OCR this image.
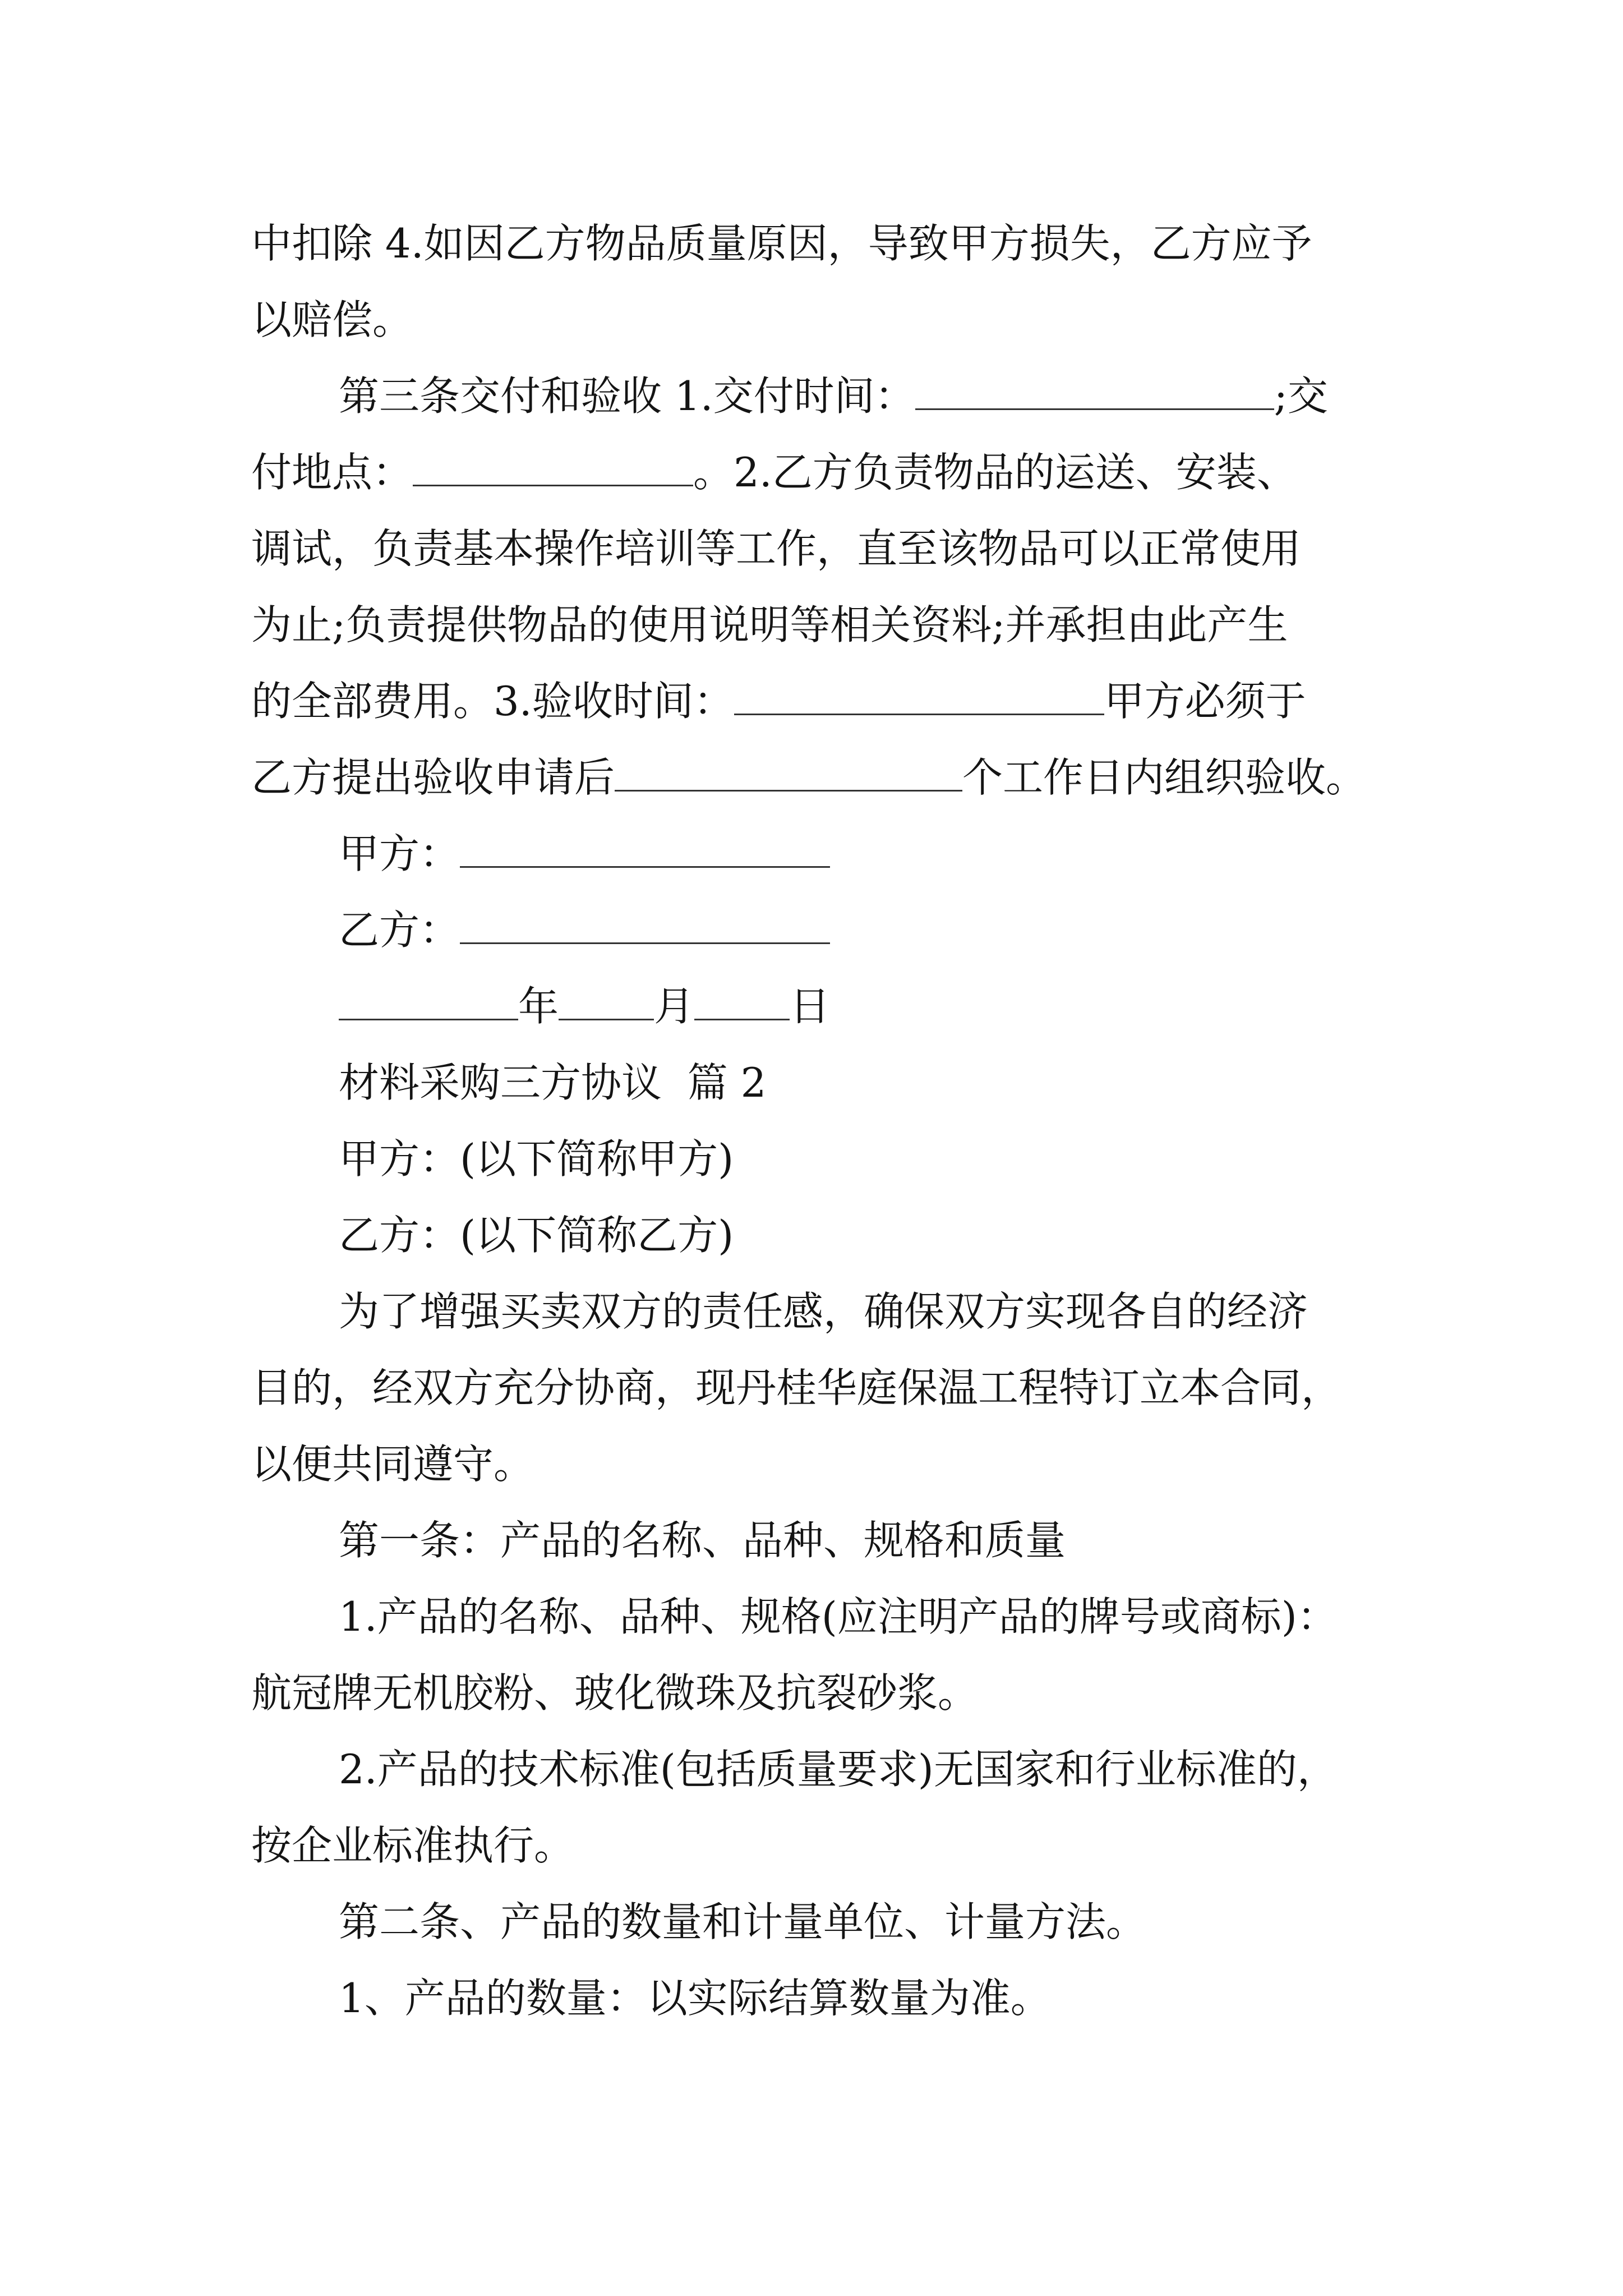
中扣除 4.如因乙方物品质量原因，导致甲方损失，乙方应予
以赔偿。
第三条交付和验收 1.交付时间：	;交
付地点：	。2.乙方负责物品的运送、安装、
调试，负责基本操作培训等工作，直至该物品可以正常使用
为止;负责提供物品的使用说明等相关资料;并承担由此产生
的全部费用。3.验收时间：	甲方必须于
乙方提出验收申请后	个工作日内组织验收。
甲方：
乙方：
年 月 日
材料采购三方协议  篇 2
甲方：(以下简称甲方)
乙方：(以下简称乙方)
为了增强买卖双方的责任感，确保双方实现各自的经济
目的，经双方充分协商，现丹桂华庭保温工程特订立本合同，
以便共同遵守。
第一条：产品的名称、品种、规格和质量
1.产品的名称、品种、规格(应注明产品的牌号或商标)：
航冠牌无机胶粉、玻化微珠及抗裂砂浆。
2.产品的技术标准(包括质量要求)无国家和行业标准的，
按企业标准执行。
第二条、产品的数量和计量单位、计量方法。
1、产品的数量：以实际结算数量为准。
